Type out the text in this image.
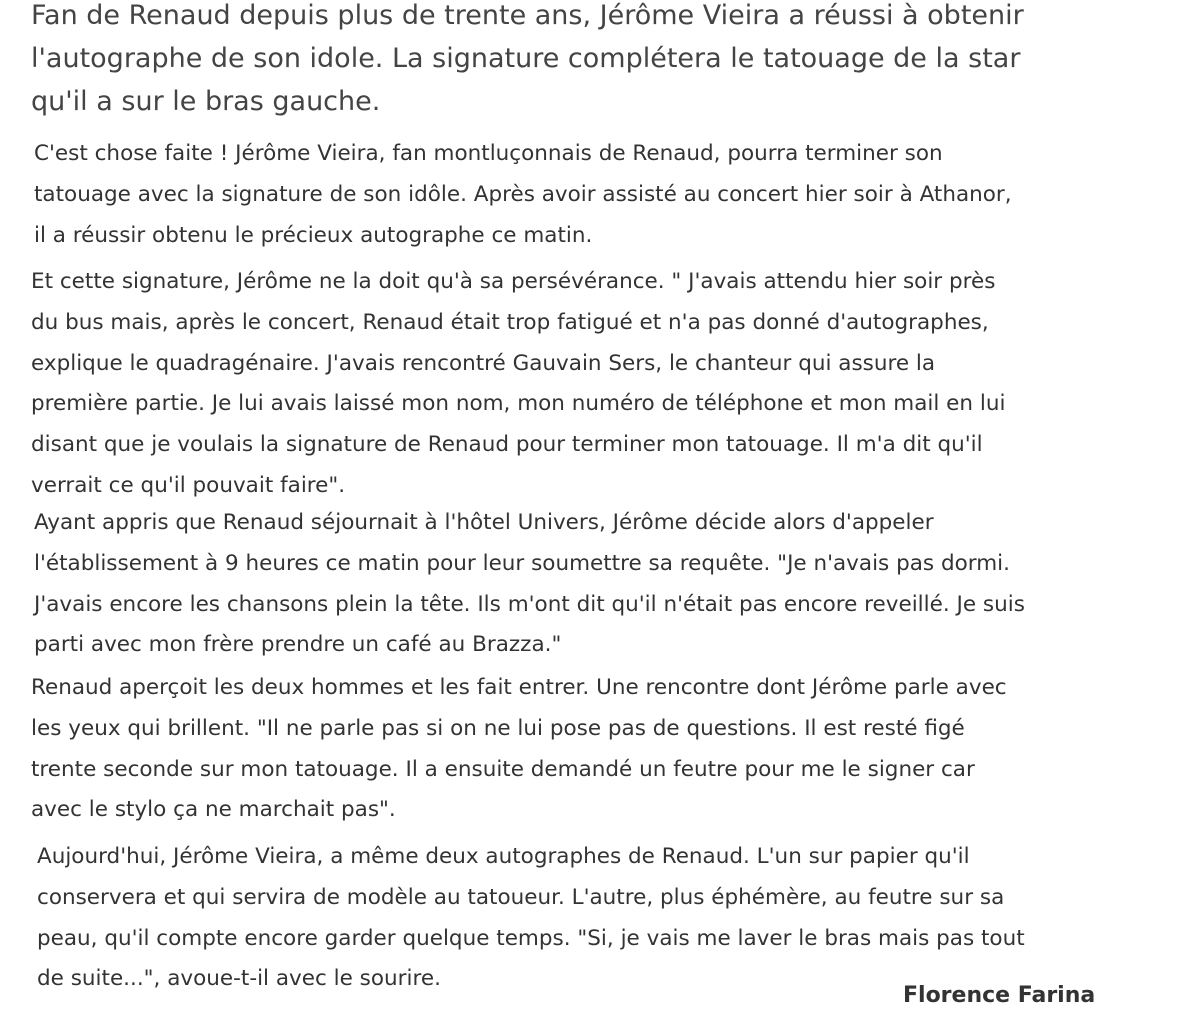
Fan de Renaud depuis plus de trente ans, Jérôme Vieira a réussi à obtenir
l'autographe de son idole. La signature complétera le tatouage de la star
qu'il a sur le bras gauche.

C'est chose faite ! Jérôme Vieira, fan montluçonnais de Renaud, pourra terminer son
tatouage avec la signature de son idôle. Après avoir assisté au concert hier soir à Athanor,
il a réussir obtenu le précieux autographe ce matin.

Et cette signature, Jérôme ne la doit qu'à sa persévérance. " J'avais attendu hier soir près
du bus mais, après le concert, Renaud était trop fatigué et n'a pas donné d'autographes,
explique le quadragénaire. J'avais rencontré Gauvain Sers, le chanteur qui assure la
première partie. Je lui avais laissé mon nom, mon numéro de téléphone et mon mail en lui
disant que je voulais la signature de Renaud pour terminer mon tatouage. Il m'a dit qu'il
verrait ce qu'il pouvait faire".

Ayant appris que Renaud séjournait à l'hôtel Univers, Jérôme décide alors d'appeler
l'établissement à 9 heures ce matin pour leur soumettre sa requête. "Je n'avais pas dormi.
J'avais encore les chansons plein la tête. Ils m'ont dit qu'il n'était pas encore reveillé. Je suis
parti avec mon frère prendre un café au Brazza."

Renaud aperçoit les deux hommes et les fait entrer. Une rencontre dont Jérôme parle avec
les yeux qui brillent. "Il ne parle pas si on ne lui pose pas de questions. Il est resté figé
trente seconde sur mon tatouage. Il a ensuite demandé un feutre pour me le signer car
avec le stylo ça ne marchait pas".

Aujourd'hui, Jérôme Vieira, a même deux autographes de Renaud. L'un sur papier qu'il
conservera et qui servira de modèle au tatoueur. L'autre, plus éphémère, au feutre sur sa
peau, qu'il compte encore garder quelque temps. "Si, je vais me laver le bras mais pas tout
de suite...", avoue-t-il avec le sourire.

Florence Farina
